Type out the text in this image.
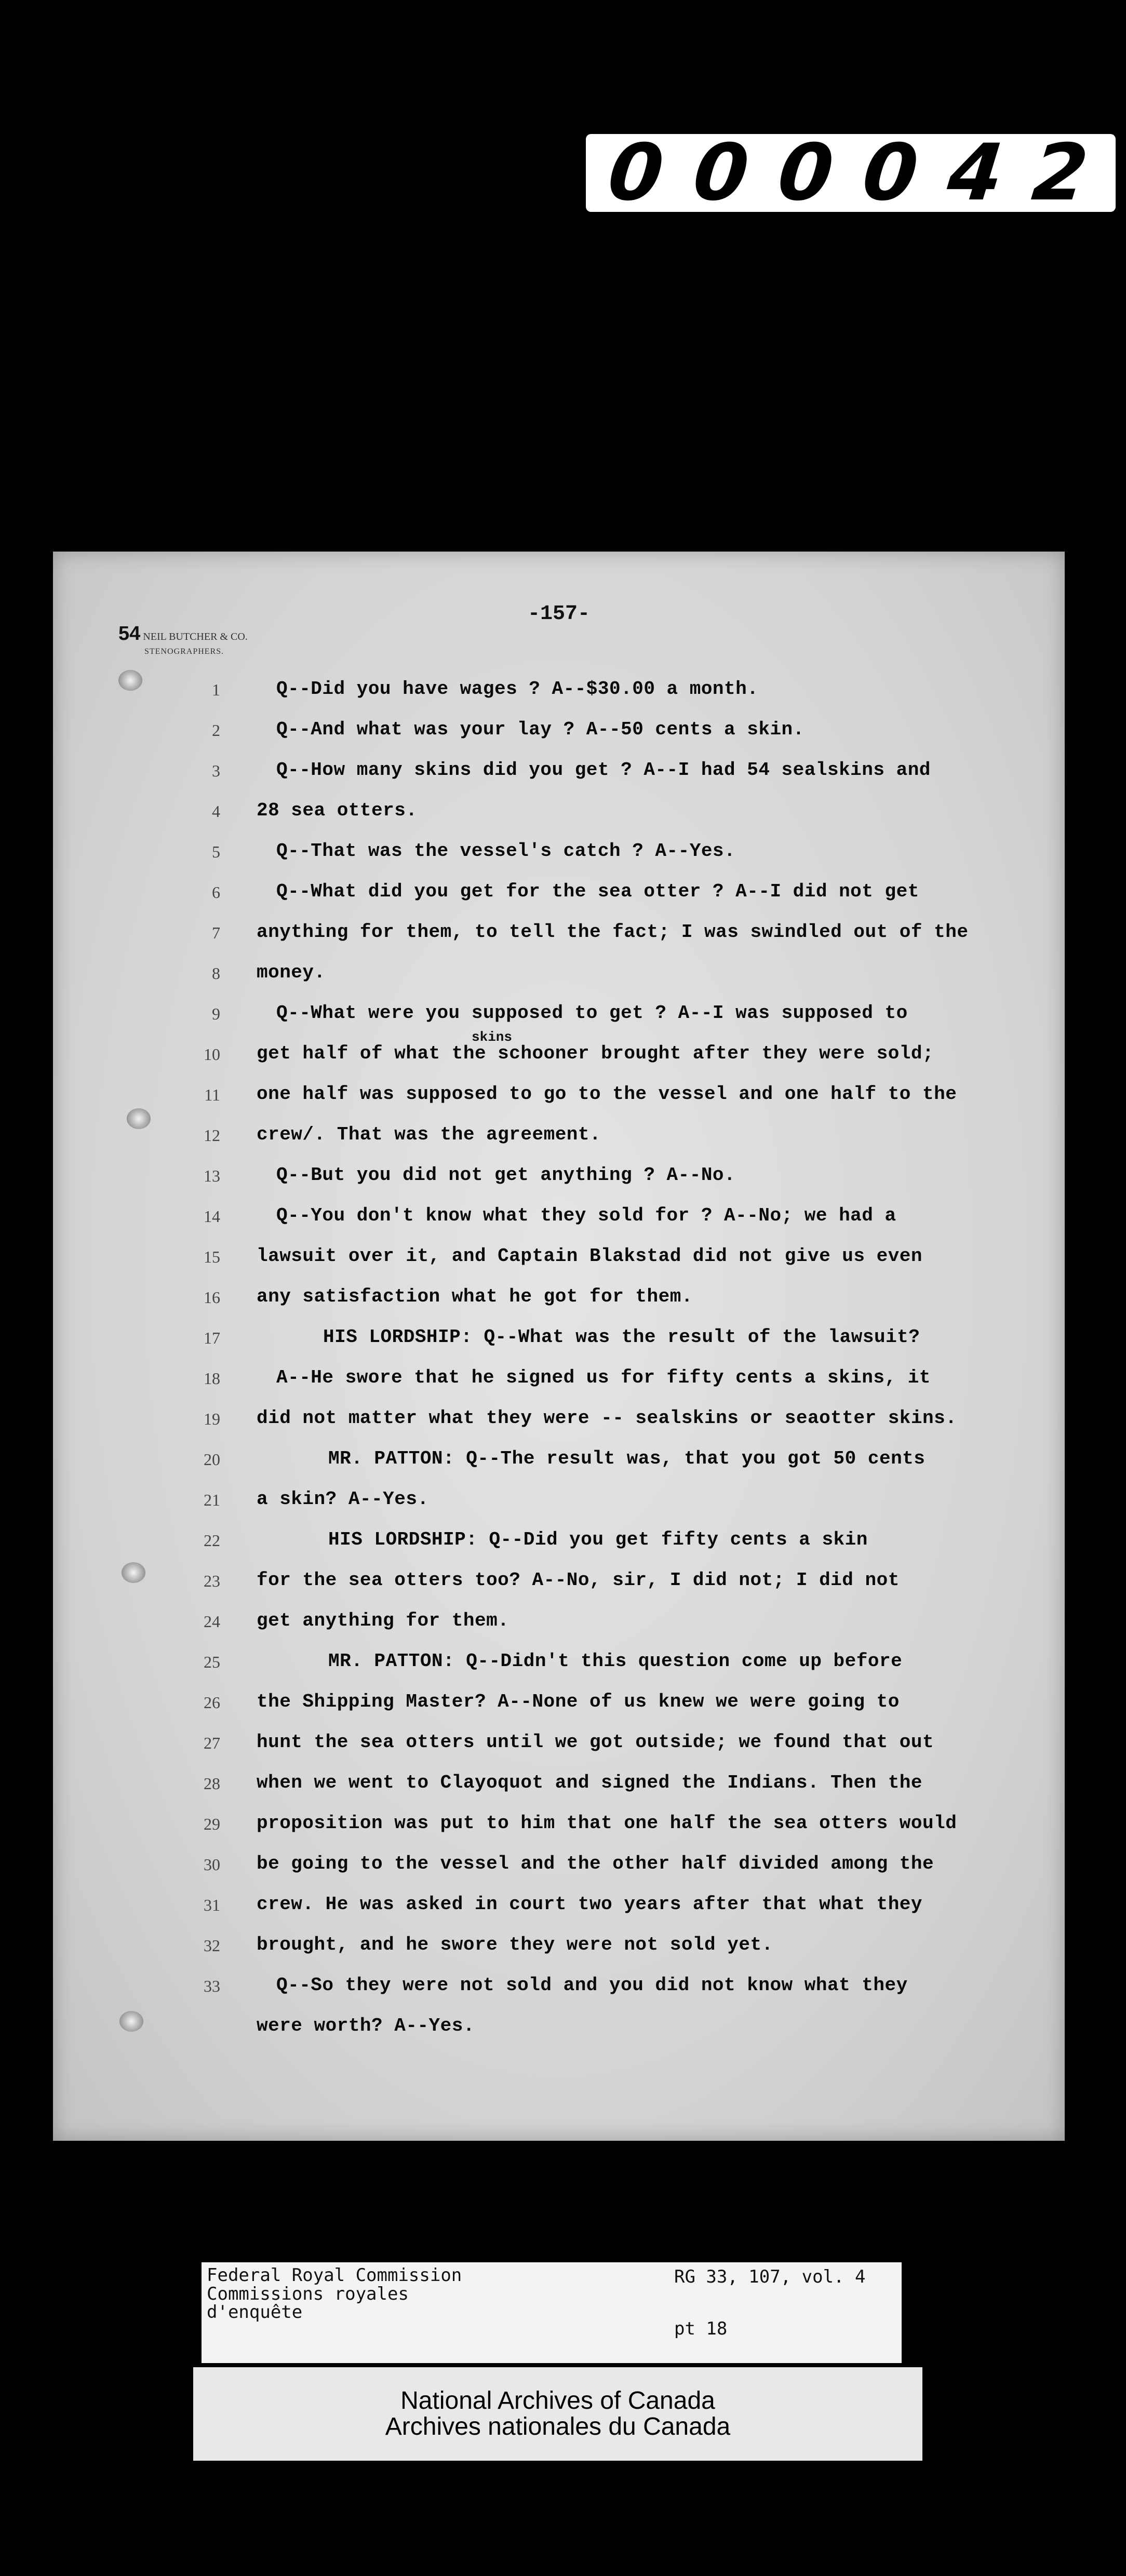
0 0 0 0 4 2
-157-
54 NEIL BUTCHER & CO.
STENOGRAPHERS.
1	Q--Did you have wages ? A--$30.00 a month.
2	Q--And what was your lay ? A--50 cents a skin.
3	Q--How many skins did you get ? A--I had 54 sealskins and
4 28 sea otters.
5	Q--That was the vessel's catch ? A--Yes.
6	Q--What did you get for the sea otter ? A--I did not get
7 anything for them, to tell the fact; I was swindled out of the
8 money.
9	Q--What were you supposed to get ? A--I was supposed to
skins
10 get half of what the schooner brought after they were sold;
11 one half was supposed to go to the vessel and one half to the
12 crew/. That was the agreement.
13	Q--But you did not get anything ? A--No.
14	Q--You don't know what they sold for ? A--No; we had a
15 lawsuit over it, and Captain Blakstad did not give us even
16 any satisfaction what he got for them.
17	HIS LORDSHIP: Q--What was the result of the lawsuit?
18	A--He swore that he signed us for fifty cents a skins, it
19 did not matter what they were -- sealskins or seaotter skins.
20	MR. PATTON: Q--The result was, that you got 50 cents
21 a skin? A--Yes.
22	HIS LORDSHIP: Q--Did you get fifty cents a skin
23 for the sea otters too? A--No, sir, I did not; I did not
24 get anything for them.
25	MR. PATTON: Q--Didn't this question come up before
26 the Shipping Master? A--None of us knew we were going to
27 hunt the sea otters until we got outside; we found that out
28 when we went to Clayoquot and signed the Indians. Then the
29 proposition was put to him that one half the sea otters would
30 be going to the vessel and the other half divided among the
31 crew. He was asked in court two years after that what they
32 brought, and he swore they were not sold yet.
33	Q--So they were not sold and you did not know what they
were worth? A--Yes.
Federal Royal Commission
Commissions royales
d'enquête
RG 33, 107, vol. 4
pt 18
National Archives of Canada
Archives nationales du Canada
